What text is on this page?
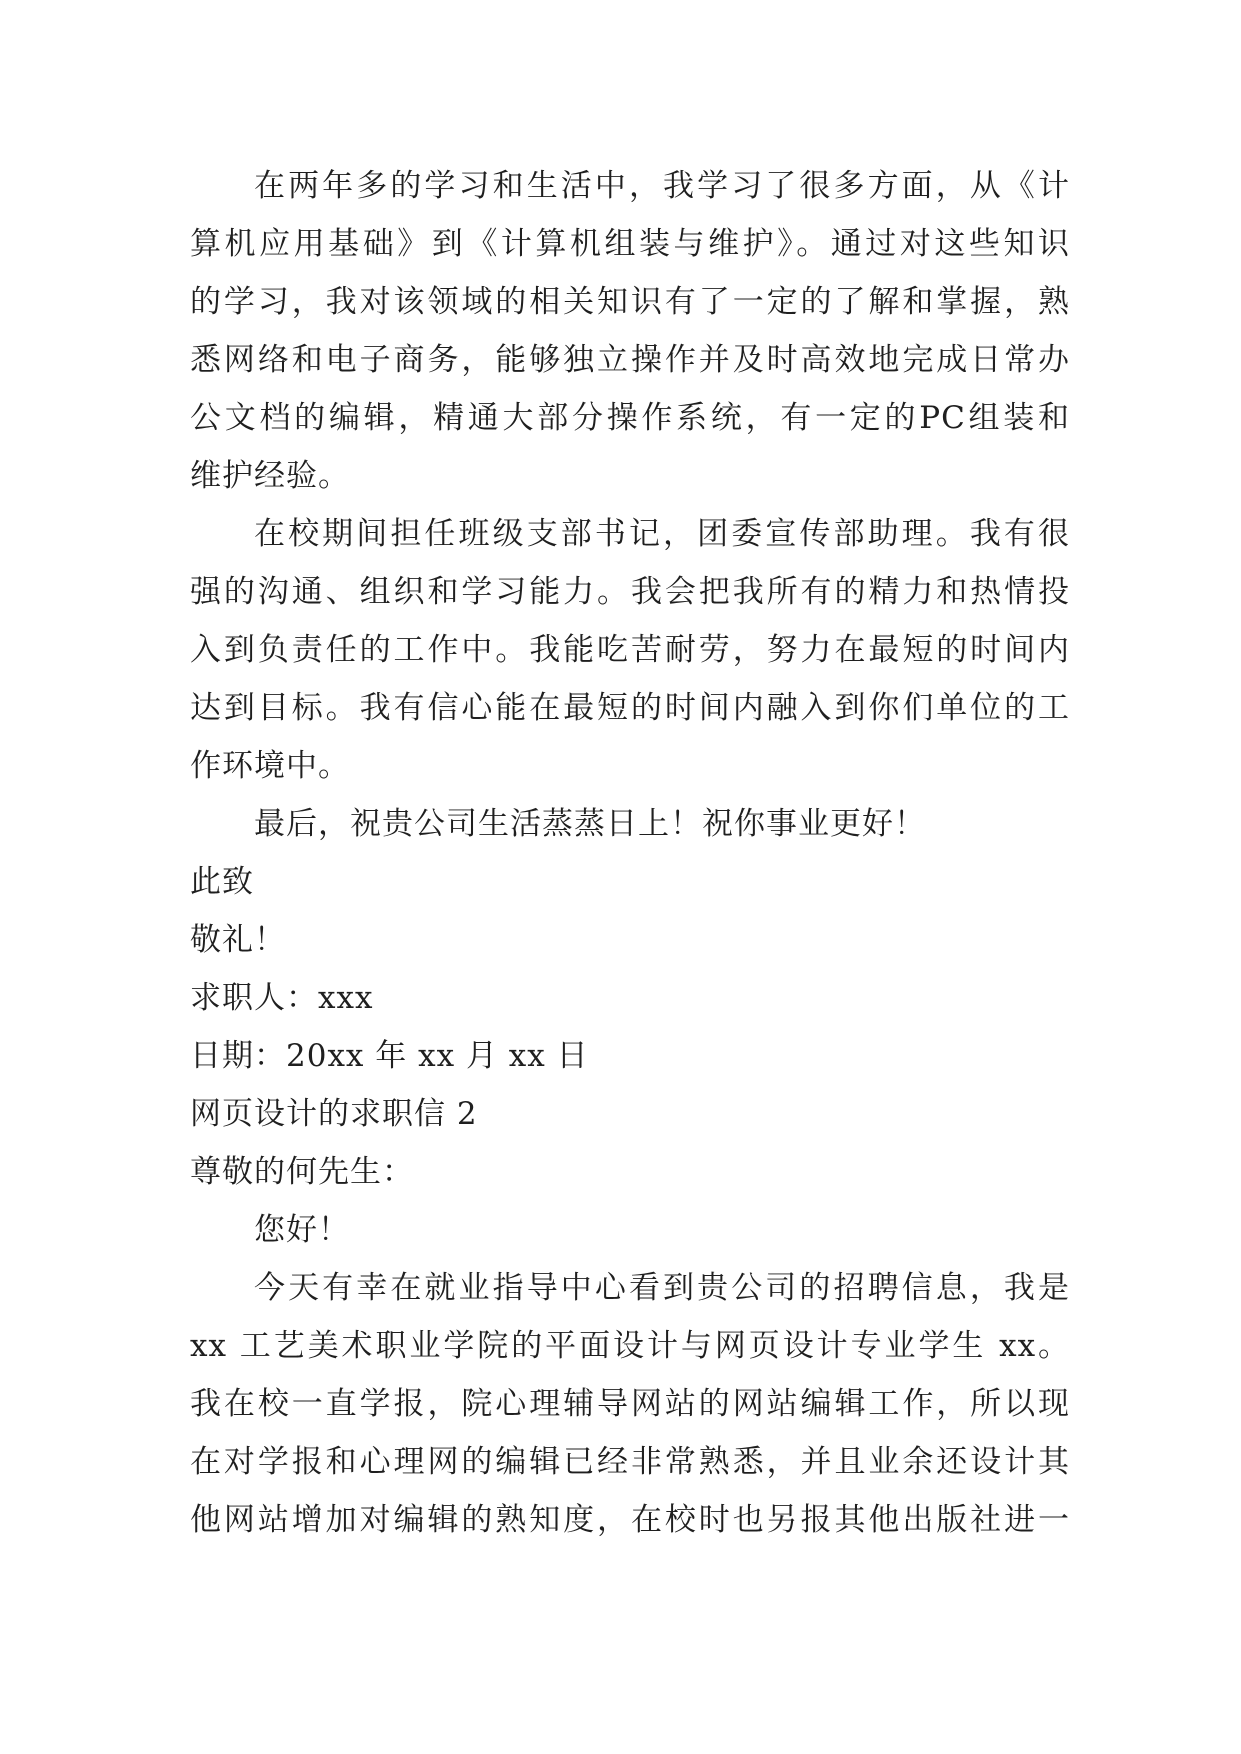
在两年多的学习和生活中，我学习了很多方面，从《计
算机应用基础》到《计算机组装与维护》。通过对这些知识
的学习，我对该领域的相关知识有了一定的了解和掌握，熟
悉网络和电子商务，能够独立操作并及时高效地完成日常办
公文档的编辑，精通大部分操作系统，有一定的PC组装和
维护经验。
在校期间担任班级支部书记，团委宣传部助理。我有很
强的沟通、组织和学习能力。我会把我所有的精力和热情投
入到负责任的工作中。我能吃苦耐劳，努力在最短的时间内
达到目标。我有信心能在最短的时间内融入到你们单位的工
作环境中。
最后，祝贵公司生活蒸蒸日上！祝你事业更好！
此致
敬礼！
求职人：xxx
日期：20xx 年 xx 月 xx 日
网页设计的求职信 2
尊敬的何先生：
您好！
今天有幸在就业指导中心看到贵公司的招聘信息，我是
xx 工艺美术职业学院的平面设计与网页设计专业学生 xx。
我在校一直学报，院心理辅导网站的网站编辑工作，所以现
在对学报和心理网的编辑已经非常熟悉，并且业余还设计其
他网站增加对编辑的熟知度，在校时也另报其他出版社进一
